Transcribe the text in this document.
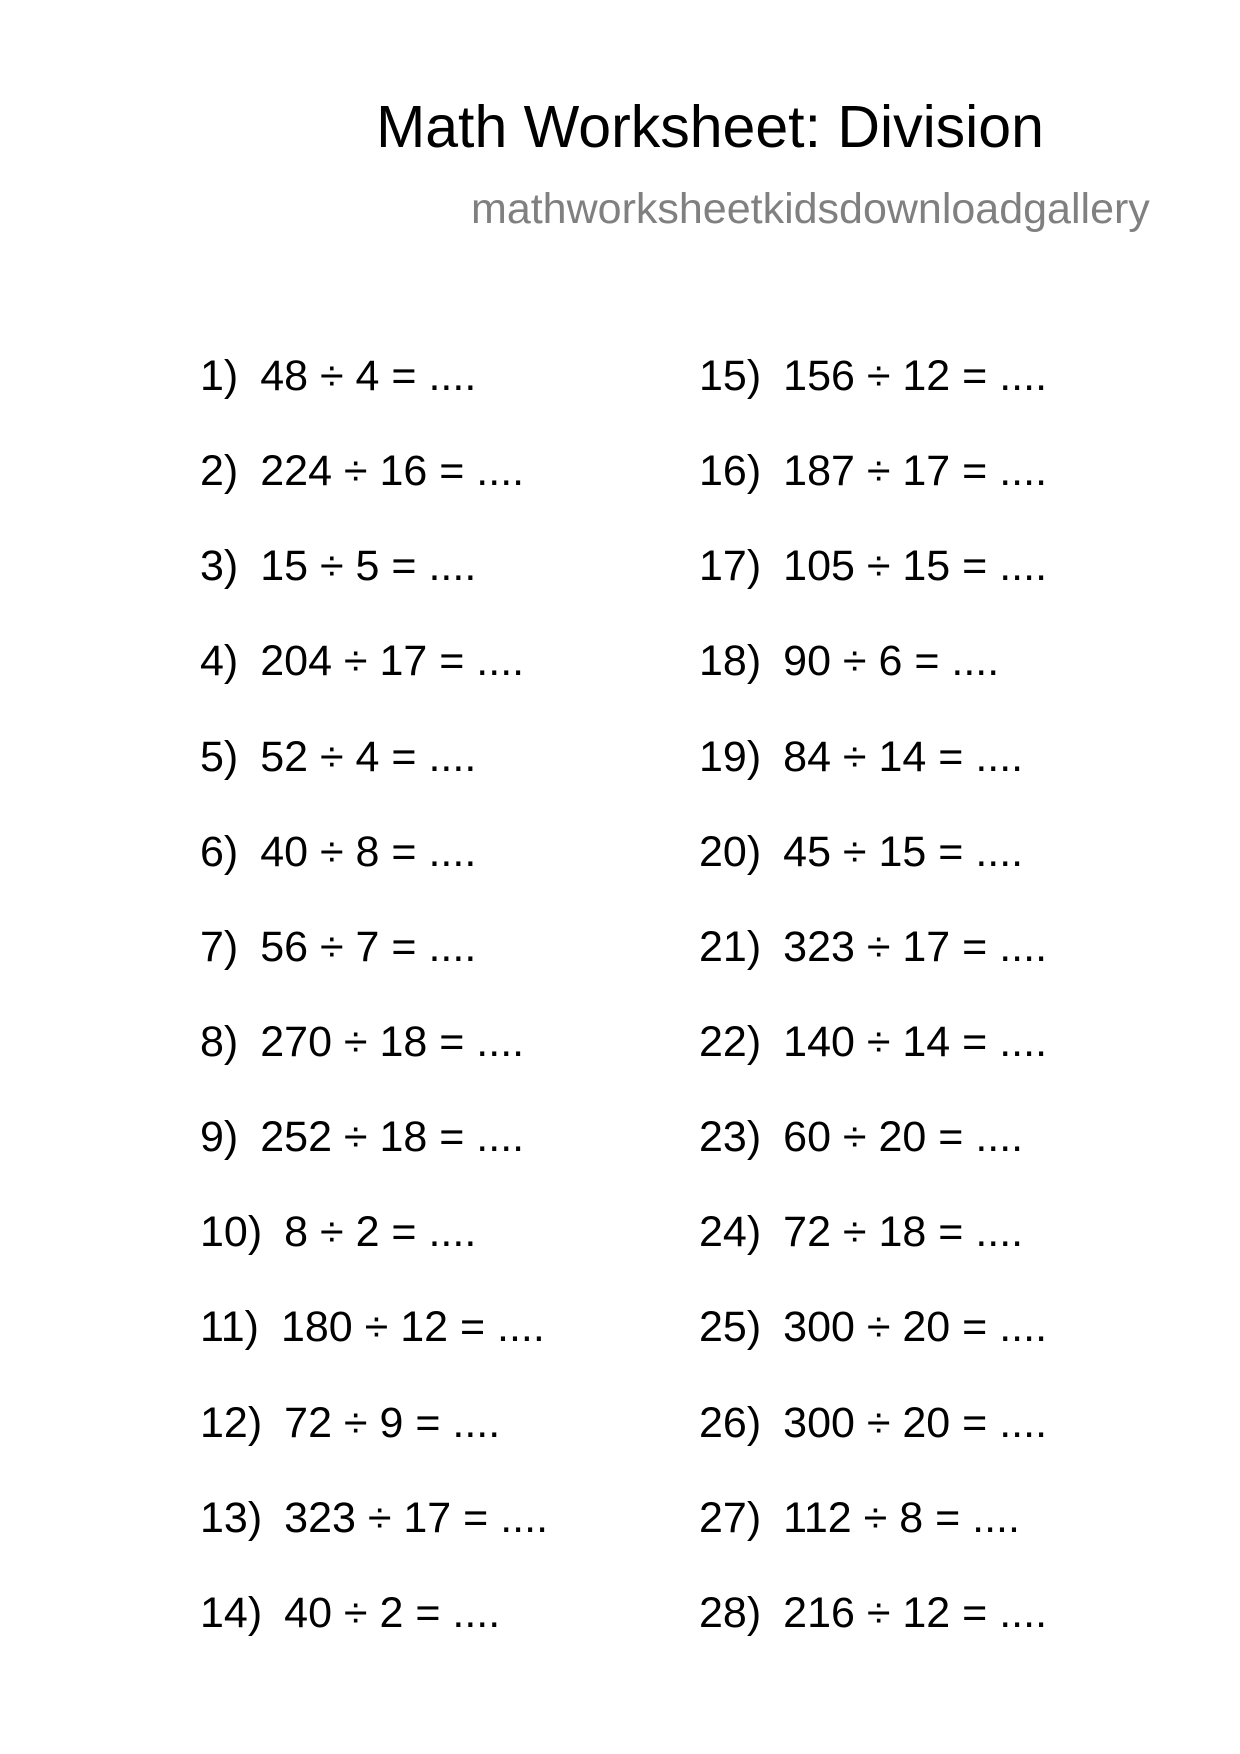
Math Worksheet: Division
mathworksheetkidsdownloadgallery
1) 48 ÷ 4 = ....
2) 224 ÷ 16 = ....
3) 15 ÷ 5 = ....
4) 204 ÷ 17 = ....
5) 52 ÷ 4 = ....
6) 40 ÷ 8 = ....
7) 56 ÷ 7 = ....
8) 270 ÷ 18 = ....
9) 252 ÷ 18 = ....
10) 8 ÷ 2 = ....
11) 180 ÷ 12 = ....
12) 72 ÷ 9 = ....
13) 323 ÷ 17 = ....
14) 40 ÷ 2 = ....
15) 156 ÷ 12 = ....
16) 187 ÷ 17 = ....
17) 105 ÷ 15 = ....
18) 90 ÷ 6 = ....
19) 84 ÷ 14 = ....
20) 45 ÷ 15 = ....
21) 323 ÷ 17 = ....
22) 140 ÷ 14 = ....
23) 60 ÷ 20 = ....
24) 72 ÷ 18 = ....
25) 300 ÷ 20 = ....
26) 300 ÷ 20 = ....
27) 112 ÷ 8 = ....
28) 216 ÷ 12 = ....
